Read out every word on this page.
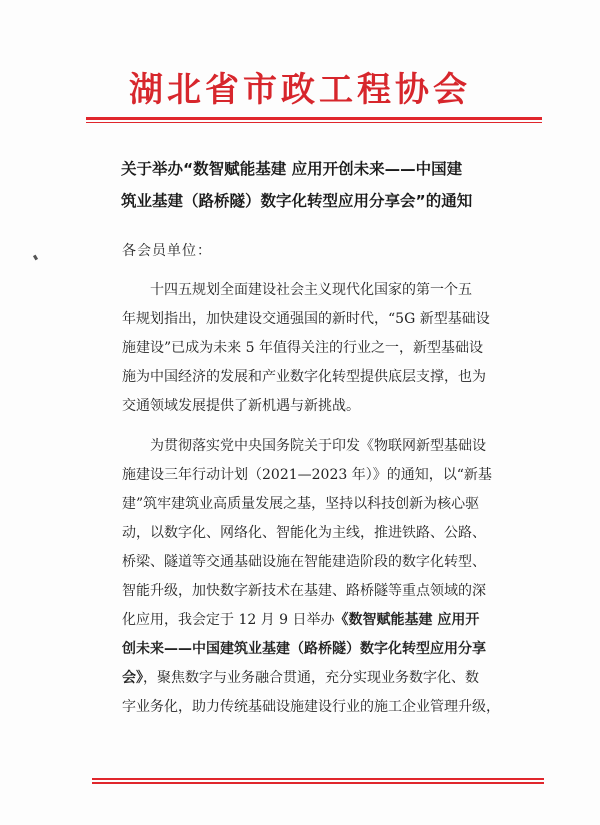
湖北省市政工程协会
关于举办“数智赋能基建 应用开创未来——中国建
筑业基建（路桥隧）数字化转型应用分享会”的通知
各会员单位：
十四五规划全面建设社会主义现代化国家的第一个五
年规划指出，加快建设交通强国的新时代，“5G 新型基础设
施建设”已成为未来 5 年值得关注的行业之一，新型基础设
施为中国经济的发展和产业数字化转型提供底层支撑，也为
交通领域发展提供了新机遇与新挑战。
为贯彻落实党中央国务院关于印发《物联网新型基础设
施建设三年行动计划（2021—2023 年）》的通知，以“新基
建”筑牢建筑业高质量发展之基，坚持以科技创新为核心驱
动，以数字化、网络化、智能化为主线，推进铁路、公路、
桥梁、隧道等交通基础设施在智能建造阶段的数字化转型、
智能升级，加快数字新技术在基建、路桥隧等重点领域的深
化应用，我会定于 12 月 9 日举办《数智赋能基建 应用开
创未来——中国建筑业基建（路桥隧）数字化转型应用分享
会》，聚焦数字与业务融合贯通，充分实现业务数字化、数
字业务化，助力传统基础设施建设行业的施工企业管理升级，
